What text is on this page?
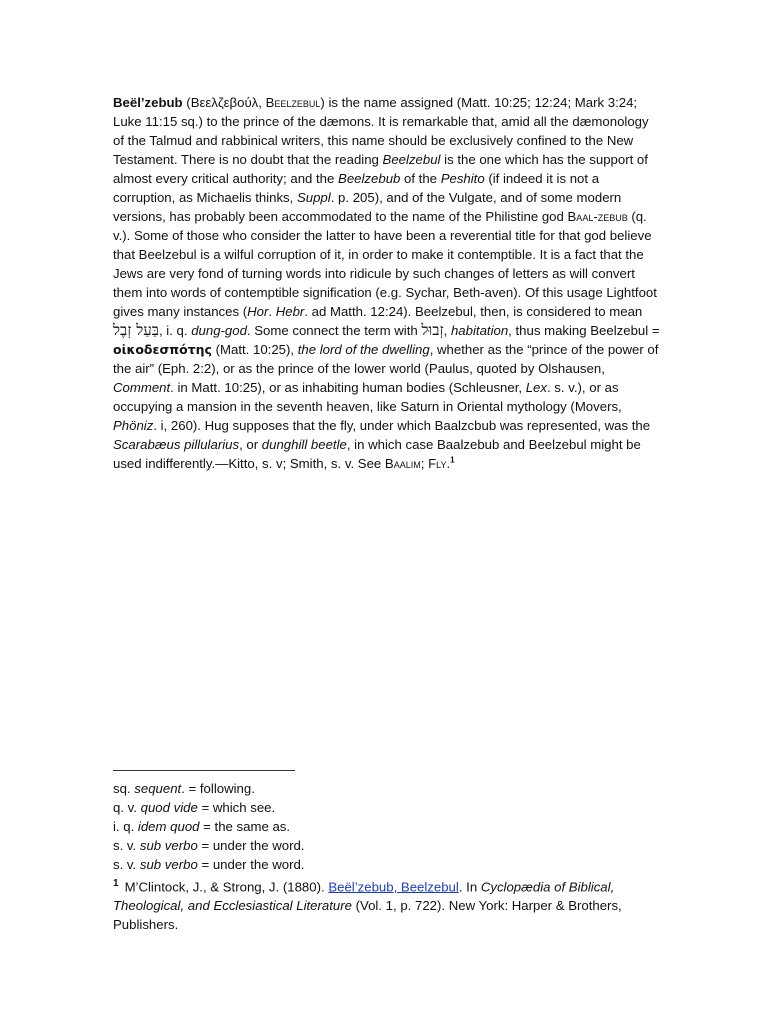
Beël’zebub (Βεελζεβούλ, Beelzebul) is the name assigned (Matt. 10:25; 12:24; Mark 3:24; Luke 11:15 sq.) to the prince of the dæmons. It is remarkable that, amid all the dæmonology of the Talmud and rabbinical writers, this name should be exclusively confined to the New Testament. There is no doubt that the reading Beelzebul is the one which has the support of almost every critical authority; and the Beelzebub of the Peshito (if indeed it is not a corruption, as Michaelis thinks, Suppl. p. 205), and of the Vulgate, and of some modern versions, has probably been accommodated to the name of the Philistine god Baal-zebub (q. v.). Some of those who consider the latter to have been a reverential title for that god believe that Beelzebul is a wilful corruption of it, in order to make it contemptible. It is a fact that the Jews are very fond of turning words into ridicule by such changes of letters as will convert them into words of contemptible signification (e.g. Sychar, Beth-aven). Of this usage Lightfoot gives many instances (Hor. Hebr. ad Matth. 12:24). Beelzebul, then, is considered to mean בַּעַל זְבֶל, i. q. dung-god. Some connect the term with זְבוּל, habitation, thus making Beelzebul = οἰκοδεσπότης (Matt. 10:25), the lord of the dwelling, whether as the “prince of the power of the air” (Eph. 2:2), or as the prince of the lower world (Paulus, quoted by Olshausen, Comment. in Matt. 10:25), or as inhabiting human bodies (Schleusner, Lex. s. v.), or as occupying a mansion in the seventh heaven, like Saturn in Oriental mythology (Movers, Phöniz. i, 260). Hug supposes that the fly, under which Baalzcbub was represented, was the Scarabæus pillularius, or dunghill beetle, in which case Baalzebub and Beelzebul might be used indifferently.—Kitto, s. v; Smith, s. v. See Baalim; Fly.$^1$

sq. sequent. = following.

q. v. quod vide = which see.

i. q. idem quod = the same as.

s. v. sub verbo = under the word.

s. v. sub verbo = under the word.

$^1$ M’Clintock, J., & Strong, J. (1880). Beël’zebub, Beelzebul. In Cyclopædia of Biblical, Theological, and Ecclesiastical Literature (Vol. 1, p. 722). New York: Harper & Brothers, Publishers.
